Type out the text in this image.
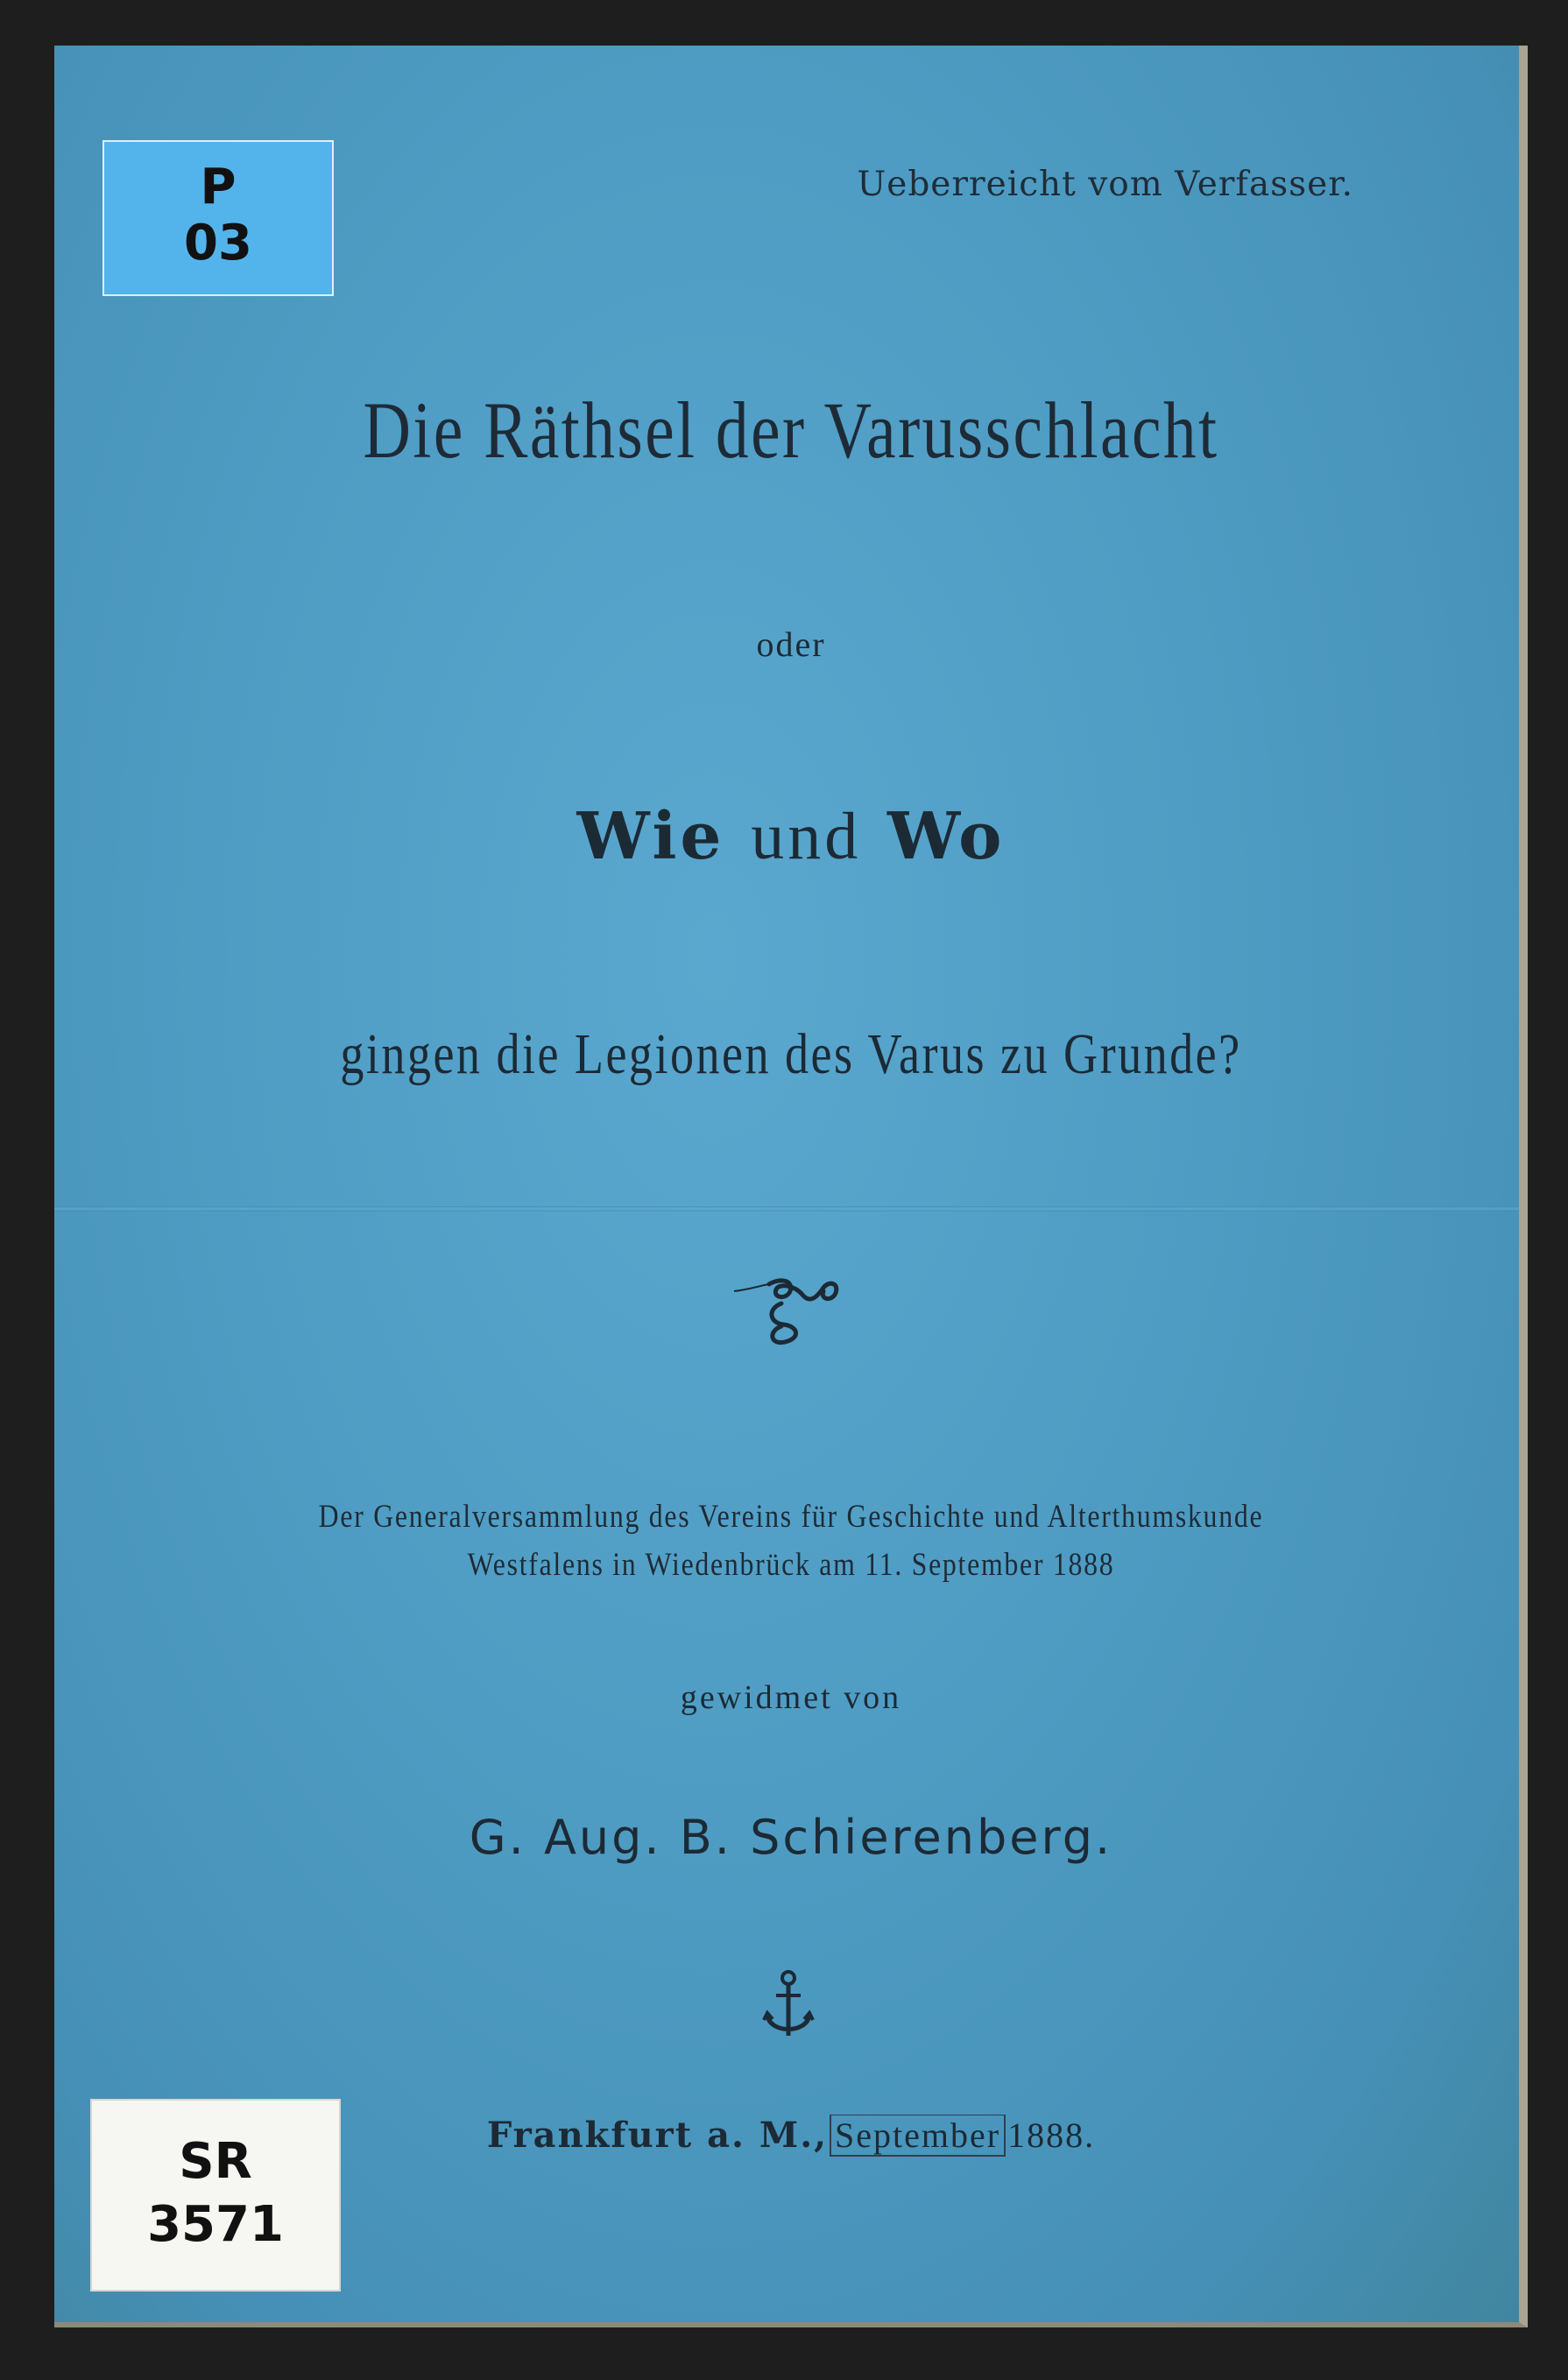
P
03
Ueberreicht vom Verfasser.
Die Räthsel der Varusschlacht
oder
Wie und Wo
gingen die Legionen des Varus zu Grunde?
Der Generalversammlung des Vereins für Geschichte und Alterthumskunde
Westfalens in Wiedenbrück am 11. September 1888
gewidmet von
G. Aug. B. Schierenberg.
Frankfurt a. M., September 1888.
SR
3571
